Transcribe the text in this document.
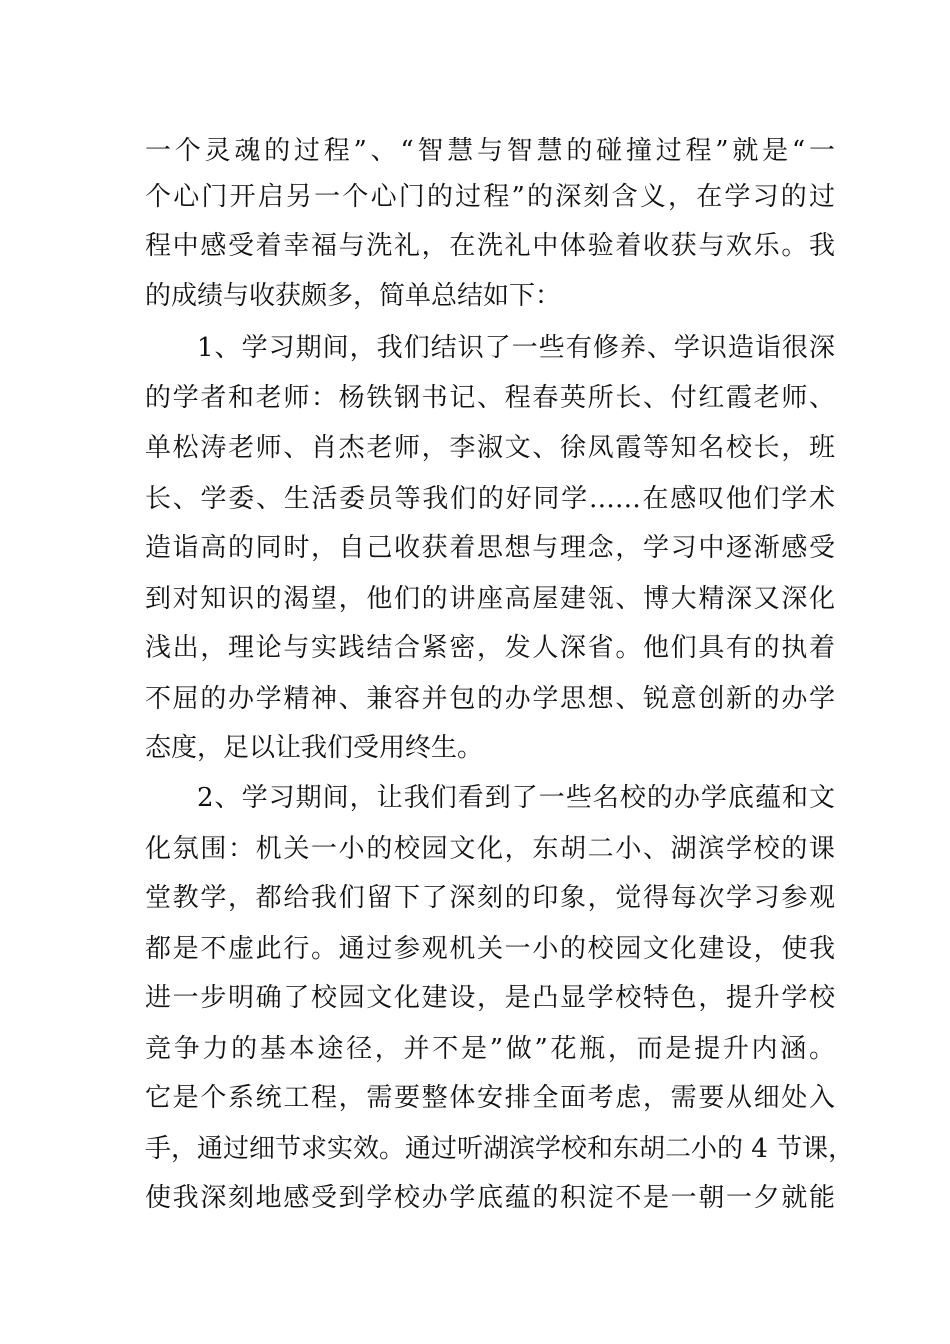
一个灵魂的过程”、“智慧与智慧的碰撞过程”就是“一
个心门开启另一个心门的过程”的深刻含义，在学习的过
程中感受着幸福与洗礼，在洗礼中体验着收获与欢乐。我
的成绩与收获颇多，简单总结如下：
1、学习期间，我们结识了一些有修养、学识造诣很深
的学者和老师：杨铁钢书记、程春英所长、付红霞老师、
单松涛老师、肖杰老师，李淑文、徐凤霞等知名校长，班
长、学委、生活委员等我们的好同学……在感叹他们学术
造诣高的同时，自己收获着思想与理念，学习中逐渐感受
到对知识的渴望，他们的讲座高屋建瓴、博大精深又深化
浅出，理论与实践结合紧密，发人深省。他们具有的执着
不屈的办学精神、兼容并包的办学思想、锐意创新的办学
态度，足以让我们受用终生。
2、学习期间，让我们看到了一些名校的办学底蕴和文
化氛围：机关一小的校园文化，东胡二小、湖滨学校的课
堂教学，都给我们留下了深刻的印象，觉得每次学习参观
都是不虚此行。通过参观机关一小的校园文化建设，使我
进一步明确了校园文化建设，是凸显学校特色，提升学校
竞争力的基本途径，并不是”做”花瓶，而是提升内涵。
它是个系统工程，需要整体安排全面考虑，需要从细处入
手，通过细节求实效。通过听湖滨学校和东胡二小的 4 节课，
使我深刻地感受到学校办学底蕴的积淀不是一朝一夕就能
